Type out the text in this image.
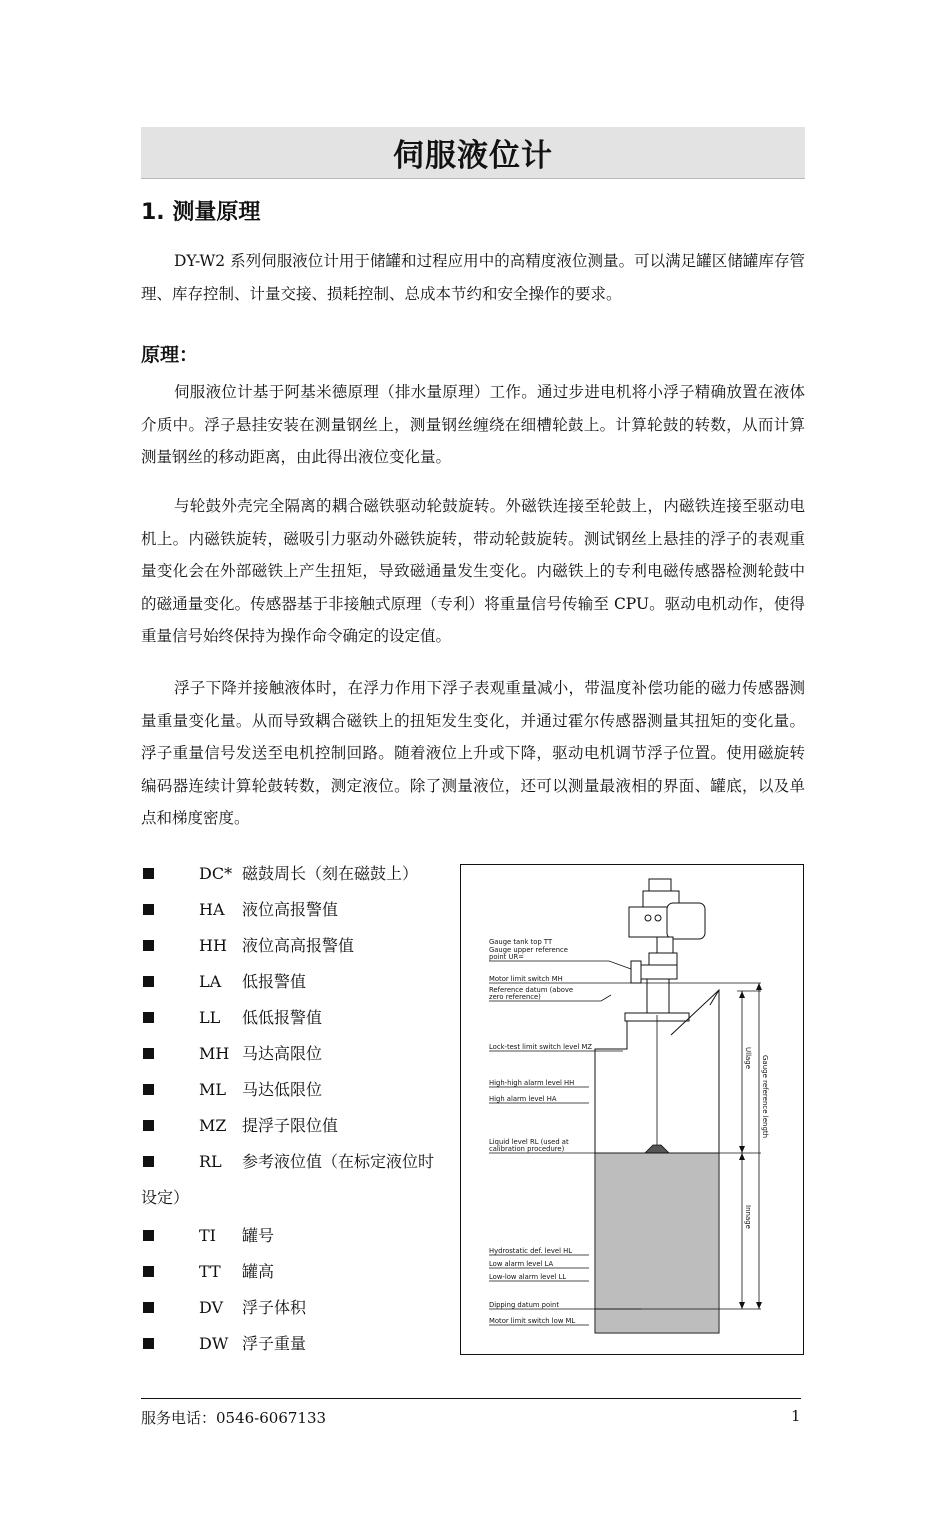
伺服液位计
1. 测量原理
DY-W2 系列伺服液位计用于储罐和过程应用中的高精度液位测量。可以满足罐区储罐库存管理、库存控制、计量交接、损耗控制、总成本节约和安全操作的要求。
原理：
伺服液位计基于阿基米德原理（排水量原理）工作。通过步进电机将小浮子精确放置在液体介质中。浮子悬挂安装在测量钢丝上，测量钢丝缠绕在细槽轮鼓上。计算轮鼓的转数，从而计算测量钢丝的移动距离，由此得出液位变化量。
与轮鼓外壳完全隔离的耦合磁铁驱动轮鼓旋转。外磁铁连接至轮鼓上，内磁铁连接至驱动电机上。内磁铁旋转，磁吸引力驱动外磁铁旋转，带动轮鼓旋转。测试钢丝上悬挂的浮子的表观重量变化会在外部磁铁上产生扭矩，导致磁通量发生变化。内磁铁上的专利电磁传感器检测轮鼓中的磁通量变化。传感器基于非接触式原理（专利）将重量信号传输至 CPU。驱动电机动作，使得重量信号始终保持为操作命令确定的设定值。
浮子下降并接触液体时，在浮力作用下浮子表观重量减小，带温度补偿功能的磁力传感器测量重量变化量。从而导致耦合磁铁上的扭矩发生变化，并通过霍尔传感器测量其扭矩的变化量。浮子重量信号发送至电机控制回路。随着液位上升或下降，驱动电机调节浮子位置。使用磁旋转编码器连续计算轮鼓转数，测定液位。除了测量液位，还可以测量最液相的界面、罐底，以及单点和梯度密度。
DC* 磁鼓周长（刻在磁鼓上）
HA 液位高报警值
HH 液位高高报警值
LA 低报警值
LL 低低报警值
MH 马达高限位
ML 马达低限位
MZ 提浮子限位值
RL 参考液位值（在标定液位时
设定）
TI 罐号
TT 罐高
DV 浮子体积
DW 浮子重量
Gauge tank top TT
Gauge upper reference
point UR=
Motor limit switch MH
Reference datum (above
zero reference)
Lock-test limit switch level MZ
High-high alarm level HH
High alarm level HA
Liquid level RL (used at
calibration procedure)
Hydrostatic def. level HL
Low alarm level LA
Low-low alarm level LL
Dipping datum point
Motor limit switch low ML
Ullage
Innage
Gauge reference length
服务电话：0546-6067133	1
